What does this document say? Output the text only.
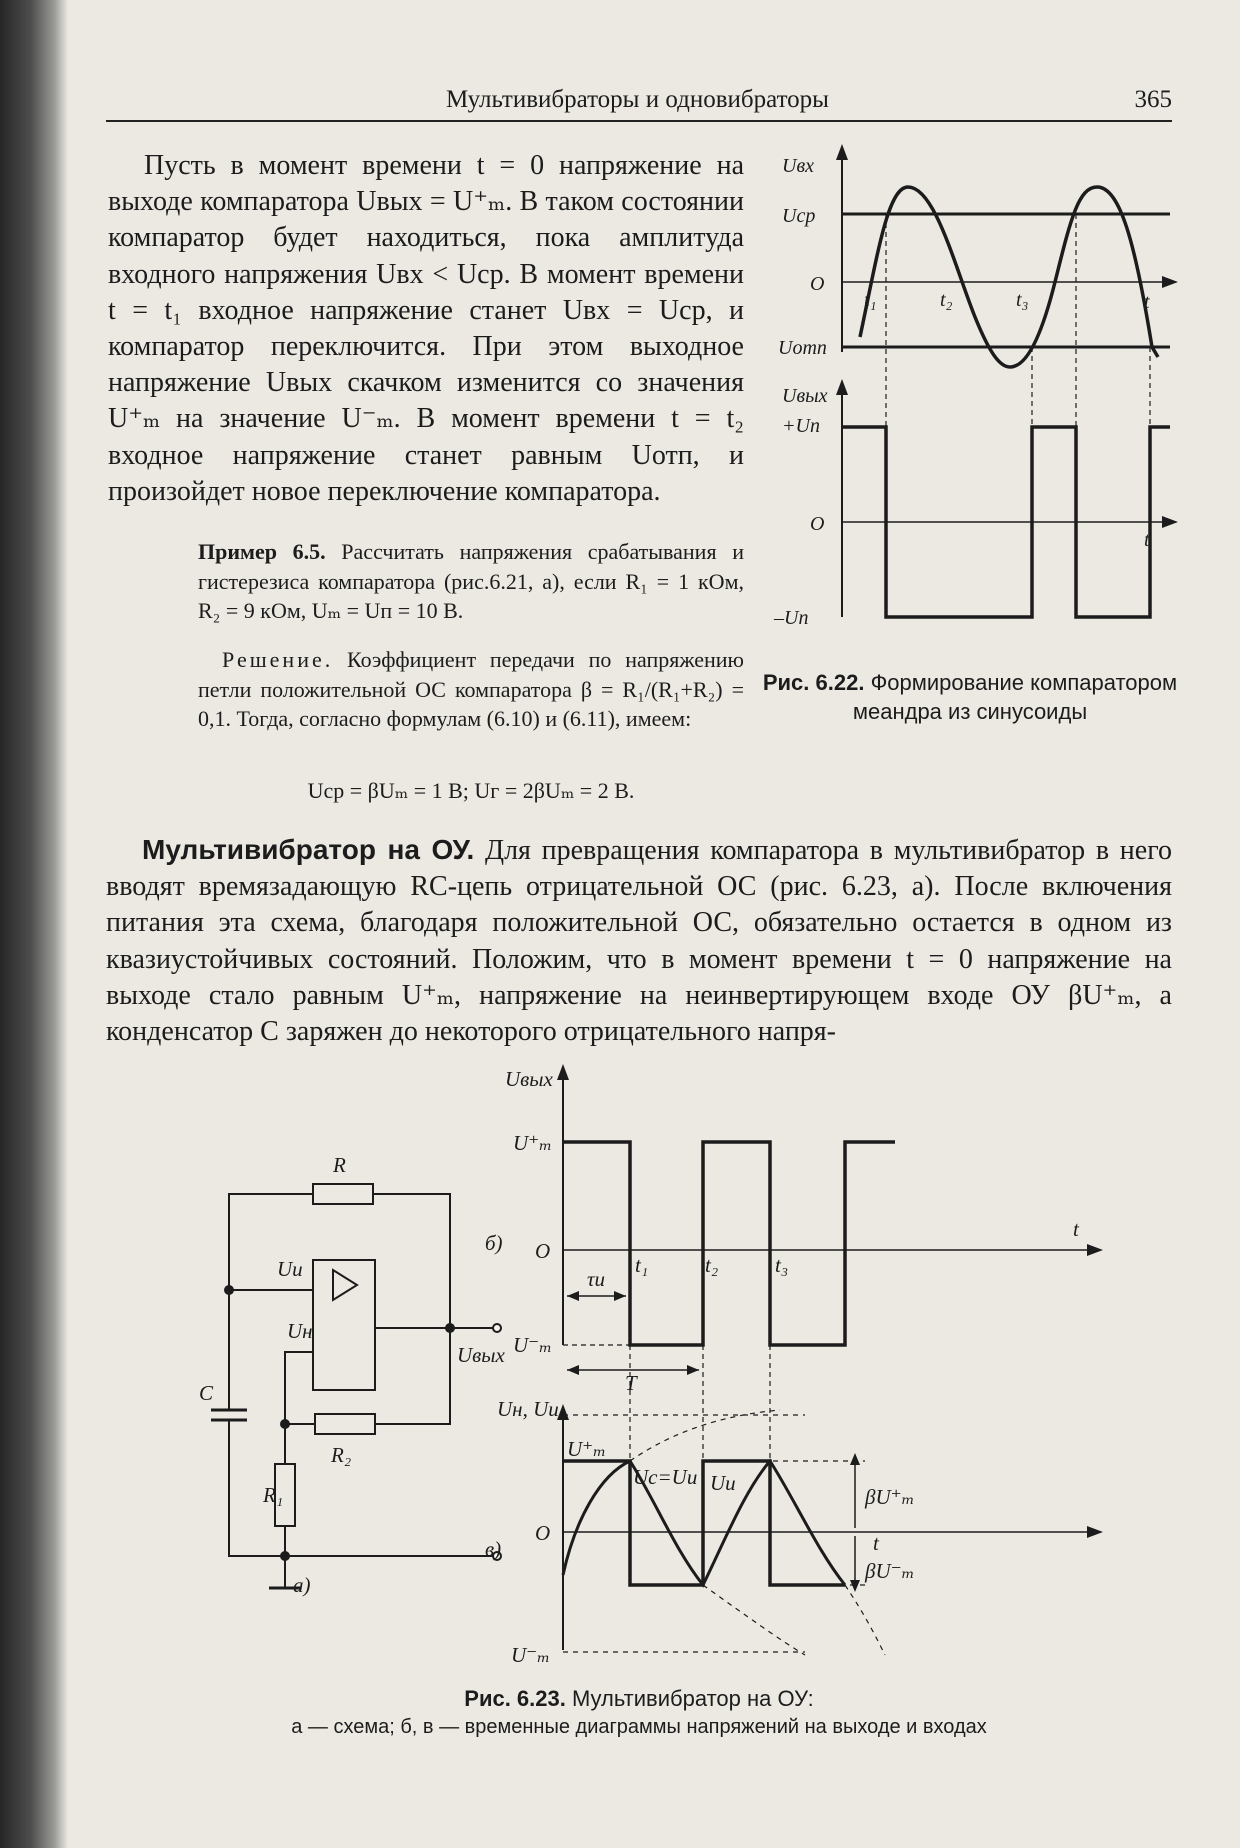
Мультивибраторы и одновибраторы	365

Пусть в момент времени t = 0 напряжение на выходе компаратора Uвых = U⁺ₘ. В таком состоянии компаратор будет находиться, пока амплитуда входного напряжения Uвх < Uср. В момент времени t = t₁ входное напряжение станет Uвх = Uср, и компаратор переключится. При этом выходное напряжение Uвых скачком изменится со значения U⁺ₘ на значение U⁻ₘ. В момент времени t = t₂ входное напряжение станет равным Uотп, и произойдет новое переключение компаратора.

Пример 6.5. Рассчитать напряжения срабатывания и гистерезиса компаратора (рис.6.21, а), если R₁ = 1 кОм, R₂ = 9 кОм, Uₘ = Uп = 10 В.

Решение. Коэффициент передачи по напряжению петли положительной ОС компаратора β = R₁/(R₁+R₂) = 0,1. Тогда, согласно формулам (6.10) и (6.11), имеем:

Uср = βUₘ = 1 В; Uг = 2βUₘ = 2 В.
Uвх
Uср
O
Uотп
t
t₁	t₂	t₃
Uвых
+Uп
O
t
–Uп
Рис. 6.22. Формирование компаратором меандра из синусоиды

Мультивибратор на ОУ. Для превращения компаратора в мультивибратор в него вводят времязадающую RC-цепь отрицательной ОС (рис. 6.23, а). После включения питания эта схема, благодаря положительной ОС, обязательно остается в одном из квазиустойчивых состояний. Положим, что в момент времени t = 0 напряжение на выходе стало равным U⁺ₘ, напряжение на неинвертирующем входе ОУ βU⁺ₘ, а конденсатор C заряжен до некоторого отрицательного напря-

R
Uи
Uн
Uвых
C
R₂
R₁
а)
Uвых
U⁺ₘ
б) O
t
t₁	t₂	t₃
τи
U⁻ₘ
T
Uн, Uи
U⁺ₘ
Uс=Uи Uи
в)
O
βU⁺ₘ
t
βU⁻ₘ
U⁻ₘ
Рис. 6.23. Мультивибратор на ОУ:
а — схема; б, в — временные диаграммы напряжений на выходе и входах
